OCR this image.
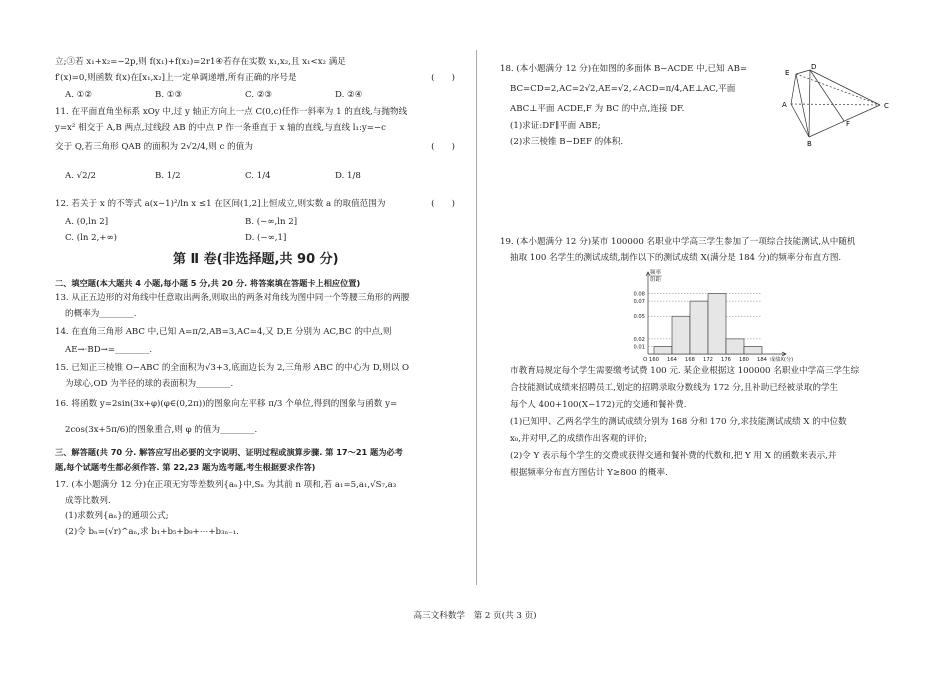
立;③若 x₁+x₂=−2p,则 f(x₁)+f(x₂)=2r1④若存在实数 x₁,x₂,且 x₁<x₂ 满足
f′(x)=0,则函数 f(x)在[x₁,x₂]上一定单调递增,所有正确的序号是	(　　)
A. ①②	B. ①③	C. ②③	D. ②④
11. 在平面直角坐标系 xOy 中,过 y 轴正方向上一点 C(0,c)任作一斜率为 1 的直线,与抛物线
y=x² 相交于 A,B 两点,过线段 AB 的中点 P 作一条垂直于 x 轴的直线,与直线 l₁:y=−c
交于 Q,若三角形 QAB 的面积为 2√2/4,则 c 的值为	(　　)
A. √2/2	B. 1/2	C. 1/4	D. 1/8
12. 若关于 x 的不等式 a(x−1)²/ln x ≤1 在区间(1,2]上恒成立,则实数 a 的取值范围为	(　　)
A. (0,ln 2]	B. (−∞,ln 2]
C. (ln 2,+∞)	D. (−∞,1]
第 Ⅱ 卷(非选择题,共 90 分)
二、填空题(本大题共 4 小题,每小题 5 分,共 20 分. 将答案填在答题卡上相应位置)
13. 从正五边形的对角线中任意取出两条,则取出的两条对角线为图中同一个等腰三角形的两腰
的概率为________.
14. 在直角三角形 ABC 中,已知 A=π/2,AB=3,AC=4,又 D,E 分别为 AC,BC 的中点,则
AE→·BD→=________.
15. 已知正三棱锥 O−ABC 的全面积为√3+3,底面边长为 2,三角形 ABC 的中心为 D,则以 O
为球心,OD 为半径的球的表面积为________.
16. 将函数 y=2sin(3x+φ)(φ∈(0,2π))的图象向左平移 π/3 个单位,得到的图象与函数 y=
2cos(3x+5π/6)的图象重合,则 φ 的值为________.
三、解答题(共 70 分. 解答应写出必要的文字说明、证明过程或演算步骤. 第 17～21 题为必考
题,每个试题考生都必须作答. 第 22,23 题为选考题,考生根据要求作答)
17. (本小题满分 12 分)在正项无穷等差数列{aₙ}中,Sₙ 为其前 n 项和,若 a₁=5,a₁,√S₇,a₃
成等比数列.
(1)求数列{aₙ}的通项公式;
(2)令 bₙ=(√r)^aₙ,求 b₁+b₅+b₉+⋯+b₃ₙ₋₁.
18. (本小题满分 12 分)在如图的多面体 B−ACDE 中,已知 AB=
BC=CD=2,AC=2√2,AE=√2,∠ACD=π/4,AE⊥AC,平面
ABC⊥平面 ACDE,F 为 BC 的中点,连接 DF.
(1)求证:DF∥平面 ABE;
(2)求三棱锥 B−DEF 的体积.
19. (本小题满分 12 分)某市 100000 名职业中学高三学生参加了一项综合技能测试,从中随机
抽取 100 名学生的测试成绩,制作以下的测试成绩 X(满分是 184 分)的频率分布直方图.
市教育局规定每个学生需要缴考试费 100 元. 某企业根据这 100000 名职业中学高三学生综
合技能测试成绩来招聘员工,划定的招聘录取分数线为 172 分,且补助已经被录取的学生
每个人 400+100(X−172)元的交通和餐补费.
(1)已知甲、乙两名学生的测试成绩分别为 168 分和 170 分,求技能测试成绩 X 的中位数
x₀,并对甲,乙的成绩作出客观的评价;
(2)令 Y 表示每个学生的交费或获得交通和餐补费的代数和,把 Y 用 X 的函数来表示,并
根据频率分布直方图估计 Y≥800 的概率.
E
D
A	C
F
B
0.08
0.07
0.05
0.02
0.01
160 164 168 172 176 180 184
O
频率
组距
成绩X(分)
高三文科数学　第 2 页(共 3 页)
